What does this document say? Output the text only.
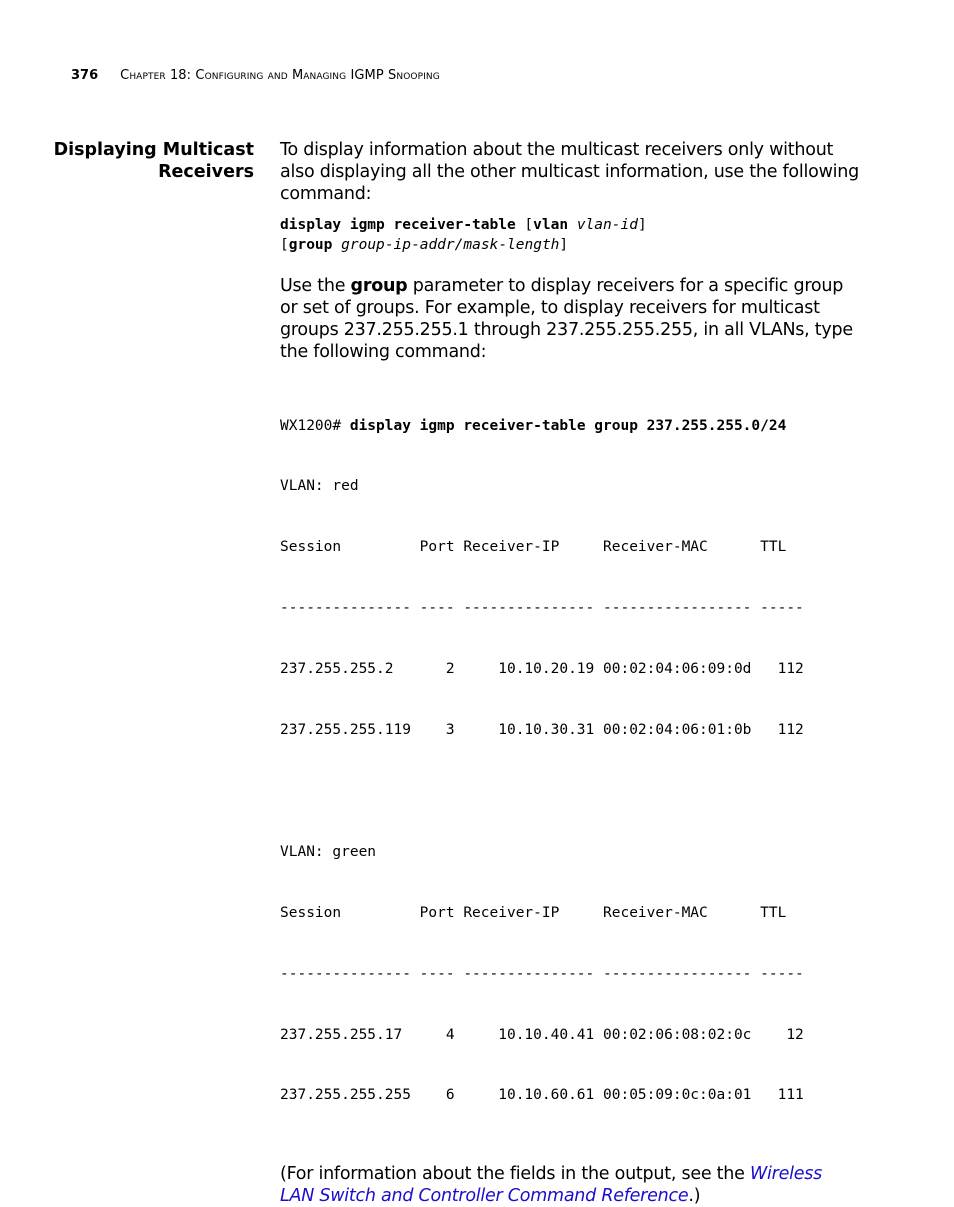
376 Chapter 18: Configuring and Managing IGMP Snooping
Displaying Multicast
Receivers

To display information about the multicast receivers only without also displaying all the other multicast information, use the following command:

display igmp receiver-table [vlan vlan-id]
[group group-ip-addr/mask-length]

Use the group parameter to display receivers for a specific group or set of groups. For example, to display receivers for multicast groups 237.255.255.1 through 237.255.255.255, in all VLANs, type the following command:

WX1200# display igmp receiver-table group 237.255.255.0/24

VLAN: red

Session         Port Receiver-IP     Receiver-MAC      TTL

--------------- ---- --------------- ----------------- -----

237.255.255.2      2     10.10.20.19 00:02:04:06:09:0d   112

237.255.255.119    3     10.10.30.31 00:02:04:06:01:0b   112

VLAN: green

Session         Port Receiver-IP     Receiver-MAC      TTL

--------------- ---- --------------- ----------------- -----

237.255.255.17     4     10.10.40.41 00:02:06:08:02:0c    12

237.255.255.255    6     10.10.60.61 00:05:09:0c:0a:01   111

(For information about the fields in the output, see the Wireless LAN Switch and Controller Command Reference.)
